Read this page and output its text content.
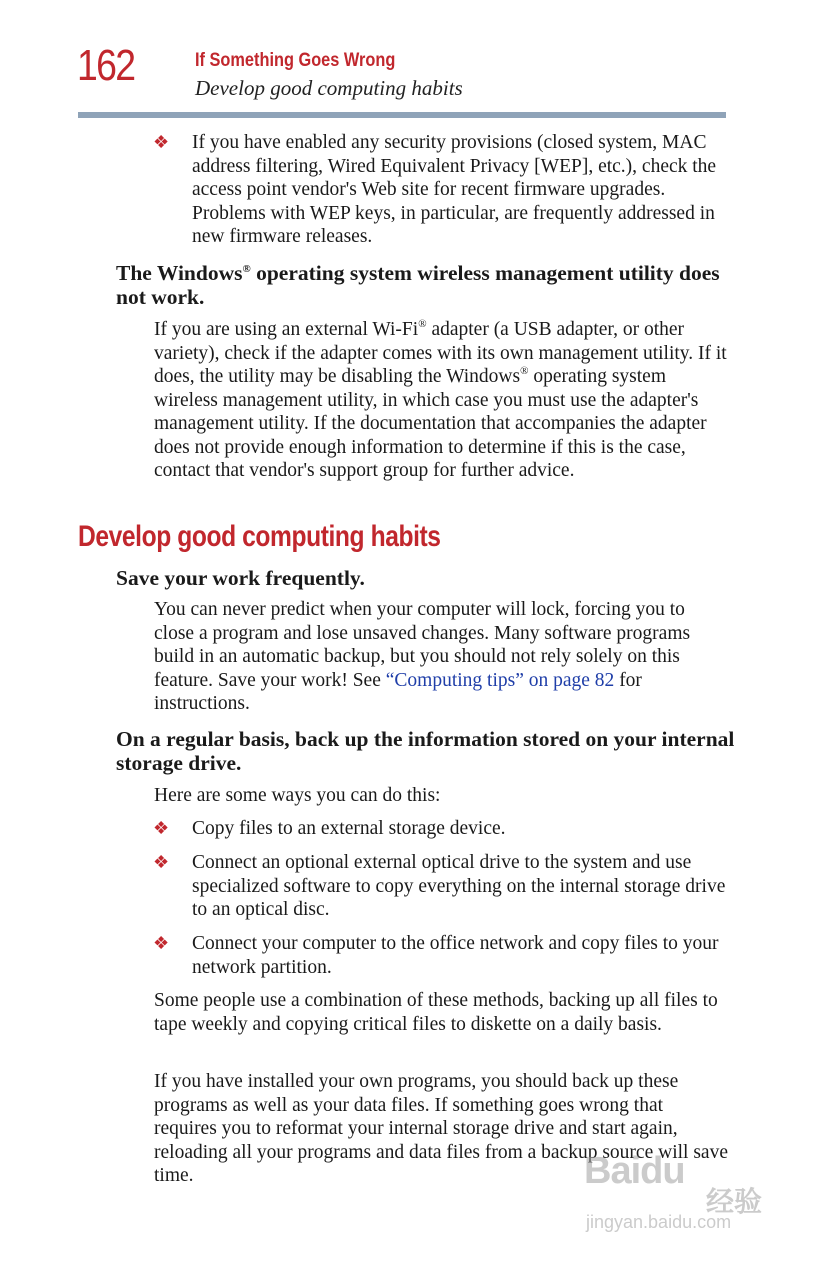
162	If Something Goes Wrong
Develop good computing habits
❖ If you have enabled any security provisions (closed system, MAC address filtering, Wired Equivalent Privacy [WEP], etc.), check the access point vendor's Web site for recent firmware upgrades. Problems with WEP keys, in particular, are frequently addressed in new firmware releases.
The Windows® operating system wireless management utility does not work.
If you are using an external Wi-Fi® adapter (a USB adapter, or other variety), check if the adapter comes with its own management utility. If it does, the utility may be disabling the Windows® operating system wireless management utility, in which case you must use the adapter's management utility. If the documentation that accompanies the adapter does not provide enough information to determine if this is the case, contact that vendor's support group for further advice.
Develop good computing habits
Save your work frequently.
You can never predict when your computer will lock, forcing you to close a program and lose unsaved changes. Many software programs build in an automatic backup, but you should not rely solely on this feature. Save your work! See “Computing tips” on page 82 for instructions.
On a regular basis, back up the information stored on your internal storage drive.
Here are some ways you can do this:
❖ Copy files to an external storage device.
❖ Connect an optional external optical drive to the system and use specialized software to copy everything on the internal storage drive to an optical disc.
❖ Connect your computer to the office network and copy files to your network partition.
Some people use a combination of these methods, backing up all files to tape weekly and copying critical files to diskette on a daily basis.
If you have installed your own programs, you should back up these programs as well as your data files. If something goes wrong that requires you to reformat your internal storage drive and start again, reloading all your programs and data files from a backup source will save time.	Baidu
经验
jingyan.baidu.com
